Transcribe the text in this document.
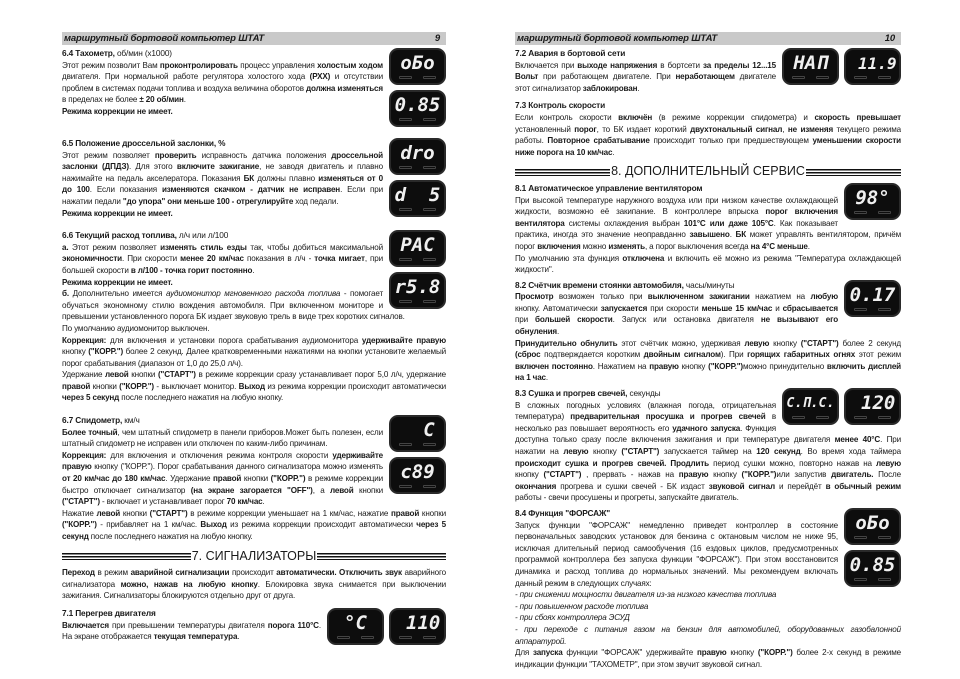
маршрутный бортовой компьютер ШТАТ	9
оБо
0.85
6.4 Тахометр, об/мин (x1000)

Этот режим позволит Вам проконтролировать процесс управления холостым ходом двигателя. При нормальной работе регулятора холостого хода (РХХ) и отсутствии проблем в системах подачи топлива и воздуха величина оборотов должна изменяться в пределах не более ± 20 об/мин.

Режима коррекции не имеет.

drо
d  5
6.5 Положение дроссельной заслонки, %

Этот режим позволяет проверить исправность датчика положения дроссельной заслонки (ДПДЗ). Для этого включите зажигание, не заводя двигатель и плавно нажимайте на педаль акселератора. Показания БК должны плавно изменяться от 0 до 100. Если показания изменяются скачком - датчик не исправен. Если при нажатии педали "до упора" они меньше 100 - отрегулируйте ход педали.

Режима коррекции не имеет.

PAC
r5.8
6.6 Текущий расход топлива, л/ч или л/100

а. Этот режим позволяет изменять стиль езды так, чтобы добиться максимальной экономичности. При скорости менее 20 км/час показания в л/ч - точка мигает, при большей скорости в л/100 - точка горит постоянно.

Режима коррекции не имеет.

б. Дополнительно имеется аудиомонитор мгновенного расхода топлива - помогает обучаться экономному стилю вождения автомобиля. При включенном мониторе и превышении установленного порога БК издает звуковую трель в виде трех коротких сигналов.

По умолчанию аудиомонитор выключен.

Коррекция: для включения и установки порога срабатывания аудиомонитора удерживайте правую кнопку ("КОРР.") более 2 секунд. Далее кратковременными нажатиями на кнопки установите желаемый порог срабатывания (диапазон от 1,0 до 25,0 л/ч).

Удержание левой кнопки ("СТАРТ") в режиме коррекции сразу устанавливает порог 5,0 л/ч, удержание правой кнопки ("КОРР.") - выключает монитор. Выход из режима коррекции происходит автоматически через 5 секунд после последнего нажатия на любую кнопку.

C
c89
6.7 Спидометр, км/ч

Более точный, чем штатный спидометр в панели приборов.Может быть полезен, если штатный спидометр не исправен или отключен по каким-либо причинам.

Коррекция: для включения и отключения режима контроля скорости удерживайте правую кнопку ("КОРР."). Порог срабатывания данного сигнализатора можно изменять от 20 км/час до 180 км/час. Удержание правой кнопки ("КОРР.") в режиме коррекции быстро отключает сигнализатор (на экране загорается "OFF"), а левой кнопки ("СТАРТ") - включает и устанавливает порог 70 км/час.

Нажатие левой кнопки ("СТАРТ") в режиме коррекции уменьшает на 1 км/час, нажатие правой кнопки ("КОРР.") - прибавляет на 1 км/час. Выход из режима коррекции происходит автоматически через 5 секунд после последнего нажатия на любую кнопку.

7. СИГНАЛИЗАТОРЫ

Переход в режим аварийной сигнализации происходит автоматически. Отключить звук аварийного сигнализатора можно, нажав на любую кнопку. Блокировка звука снимается при выключении зажигания. Сигнализаторы блокируются отдельно друг от друга.

°C	110
7.1 Перегрев двигателя

Включается при превышении температуры двигателя порога 110°С. На экране отображается текущая температура.

маршрутный бортовой компьютер ШТАТ	10
HAП	11.9
7.2 Авария в бортовой сети

Включается при выходе напряжения в бортсети за пределы 12...15 Вольт при работающем двигателе. При неработающем двигателе этот сигнализатор заблокирован.

7.3 Контроль скорости

Если контроль скорости включён (в режиме коррекции спидометра) и скорость превышает установленный порог, то БК издает короткий двухтональный сигнал, не изменяя текущего режима работы. Повторное срабатывание происходит только при предшествующем уменьшении скорости ниже порога на 10 км/час.

8. ДОПОЛНИТЕЛЬНЫЙ СЕРВИС
98°
8.1 Автоматическое управление вентилятором

При высокой температуре наружного воздуха или при низком качестве охлаждающей жидкости, возможно её закипание. В контроллере впрыска порог включения вентилятора системы охлаждения выбран 101°С или даже 105°С. Как показывает практика, иногда это значение неоправданно завышено. БК может управлять вентилятором, причём порог включения можно изменять, а порог выключения всегда на 4°С меньше.

По умолчанию эта функция отключена и включить её можно из режима "Температура охлаждающей жидкости".

0.17
8.2 Счётчик времени стоянки автомобиля, часы/минуты

Просмотр возможен только при выключенном зажигании нажатием на любую кнопку. Автоматически запускается при скорости меньше 15 км/час и сбрасывается при большей скорости. Запуск или остановка двигателя не вызывают его обнуления.

Принудительно обнулить этот счётчик можно, удерживая левую кнопку ("СТАРТ") более 2 секунд (сброс подтверждается коротким двойным сигналом). При горящих габаритных огнях этот режим включен постоянно. Нажатием на правую кнопку ("КОРР.")можно принудительно включить дисплей на 1 час.

C.П.C. 120
8.3 Сушка и прогрев свечей, секунды

В сложных погодных условиях (влажная погода, отрицательная температура) предварительная просушка и прогрев свечей в несколько раз повышает вероятность его удачного запуска. Функция доступна только сразу после включения зажигания и при температуре двигателя менее 40°С. При нажатии на левую кнопку ("СТАРТ") запускается таймер на 120 секунд. Во время хода таймера происходит сушка и прогрев свечей. Продлить период сушки можно, повторно нажав на левую кнопку ("СТАРТ") , прервать - нажав на правую кнопку ("КОРР.")или запустив двигатель. После окончания прогрева и сушки свечей - БК издаст звуковой сигнал и перейдёт в обычный режим работы - свечи просушены и прогреты, запускайте двигатель.

оБо
0.85
8.4 Функция "ФОРСАЖ"

Запуск функции "ФОРСАЖ" немедленно приведет контроллер в состояние первоначальных заводских установок для бензина с октановым числом не ниже 95, исключая длительный период самообучения (16 ездовых циклов, предусмотренных программой контроллера без запуска функции "ФОРСАЖ"). При этом восстановится динамика и расход топлива до нормальных значений. Мы рекомендуем включать данный режим в следующих случаях:

- при снижении мощности двигателя из-за низкого качества топлива

- при повышенном расходе топлива

- при сбоях контроллера ЭСУД

- при переходе с питания газом на бензин для автомобилей, оборудованных газобалонной аппаратурой.

Для запуска функции "ФОРСАЖ" удерживайте правую кнопку ("КОРР.") более 2-х секунд в режиме индикации функции "ТАХОМЕТР", при этом звучит звуковой сигнал.
